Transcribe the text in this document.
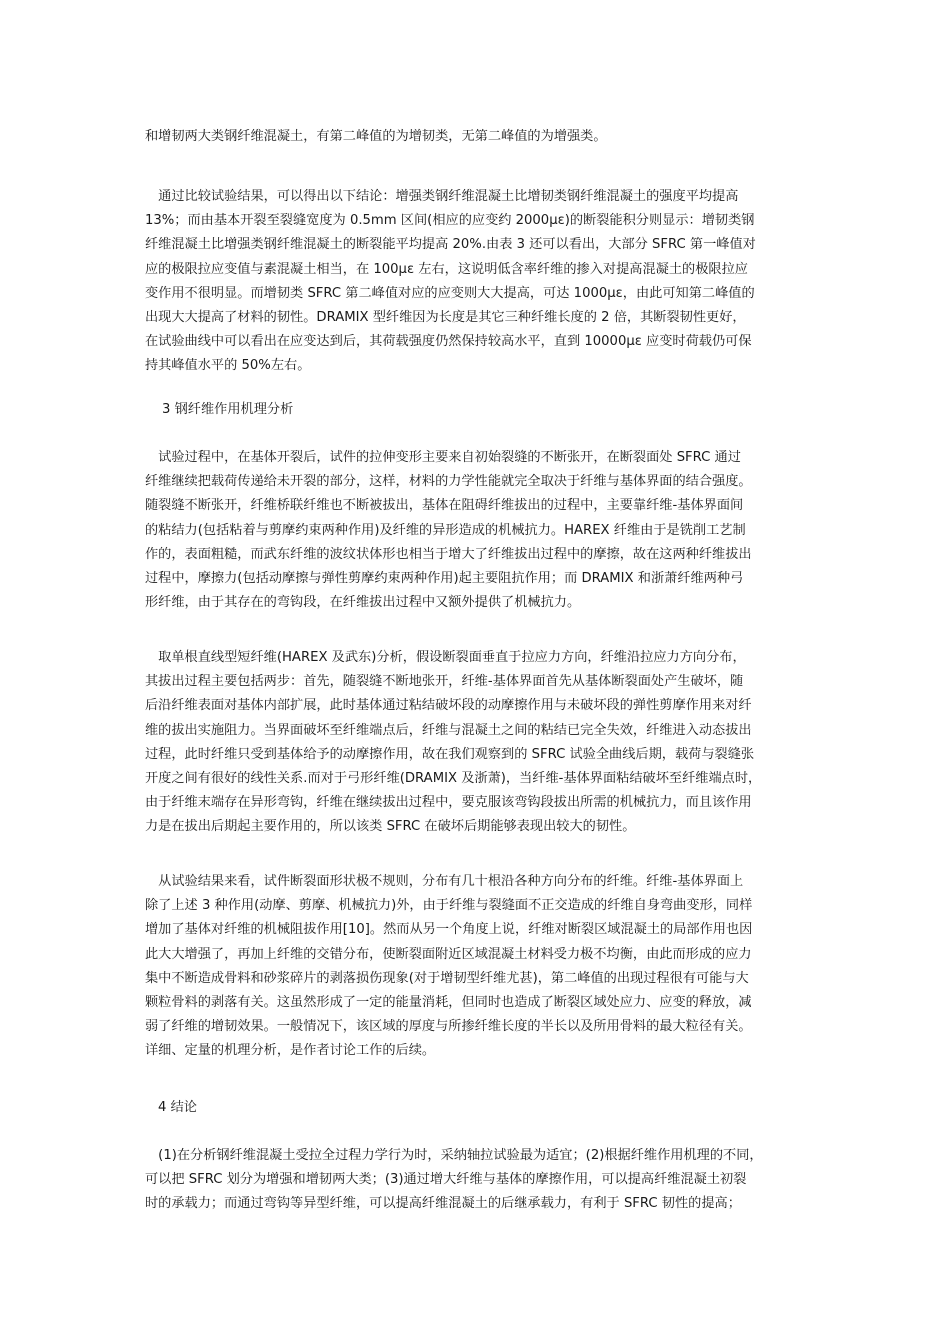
和增韧两大类钢纤维混凝土，有第二峰值的为增韧类，无第二峰值的为增强类。
　通过比较试验结果，可以得出以下结论：增强类钢纤维混凝土比增韧类钢纤维混凝土的强度平均提高
13%；而由基本开裂至裂缝宽度为 0.5mm 区间(相应的应变约 2000με)的断裂能积分则显示：增韧类钢
纤维混凝土比增强类钢纤维混凝土的断裂能平均提高 20%.由表 3 还可以看出，大部分 SFRC 第一峰值对
应的极限拉应变值与素混凝土相当，在 100με 左右，这说明低含率纤维的掺入对提高混凝土的极限拉应
变作用不很明显。而增韧类 SFRC 第二峰值对应的应变则大大提高，可达 1000με，由此可知第二峰值的
出现大大提高了材料的韧性。DRAMIX 型纤维因为长度是其它三种纤维长度的 2 倍，其断裂韧性更好，
在试验曲线中可以看出在应变达到后，其荷载强度仍然保持较高水平，直到 10000με 应变时荷载仍可保
持其峰值水平的 50%左右。
3 钢纤维作用机理分析
　试验过程中，在基体开裂后，试件的拉伸变形主要来自初始裂缝的不断张开，在断裂面处 SFRC 通过
纤维继续把载荷传递给未开裂的部分，这样，材料的力学性能就完全取决于纤维与基体界面的结合强度。
随裂缝不断张开，纤维桥联纤维也不断被拔出，基体在阻碍纤维拔出的过程中，主要靠纤维-基体界面间
的粘结力(包括粘着与剪摩约束两种作用)及纤维的异形造成的机械抗力。HAREX 纤维由于是铣削工艺制
作的，表面粗糙，而武东纤维的波纹状体形也相当于增大了纤维拔出过程中的摩擦，故在这两种纤维拔出
过程中，摩擦力(包括动摩擦与弹性剪摩约束两种作用)起主要阻抗作用；而 DRAMIX 和浙萧纤维两种弓
形纤维，由于其存在的弯钩段，在纤维拔出过程中又额外提供了机械抗力。
　取单根直线型短纤维(HAREX 及武东)分析，假设断裂面垂直于拉应力方向，纤维沿拉应力方向分布，
其拔出过程主要包括两步：首先，随裂缝不断地张开，纤维-基体界面首先从基体断裂面处产生破坏，随
后沿纤维表面对基体内部扩展，此时基体通过粘结破坏段的动摩擦作用与未破坏段的弹性剪摩作用来对纤
维的拔出实施阻力。当界面破坏至纤维端点后，纤维与混凝土之间的粘结已完全失效，纤维进入动态拔出
过程，此时纤维只受到基体给予的动摩擦作用，故在我们观察到的 SFRC 试验全曲线后期，载荷与裂缝张
开度之间有很好的线性关系.而对于弓形纤维(DRAMIX 及浙萧)，当纤维-基体界面粘结破坏至纤维端点时，
由于纤维末端存在异形弯钩，纤维在继续拔出过程中，要克服该弯钩段拔出所需的机械抗力，而且该作用
力是在拔出后期起主要作用的，所以该类 SFRC 在破坏后期能够表现出较大的韧性。
　从试验结果来看，试件断裂面形状极不规则，分布有几十根沿各种方向分布的纤维。纤维-基体界面上
除了上述 3 种作用(动摩、剪摩、机械抗力)外，由于纤维与裂缝面不正交造成的纤维自身弯曲变形，同样
增加了基体对纤维的机械阻拔作用[10]。然而从另一个角度上说，纤维对断裂区域混凝土的局部作用也因
此大大增强了，再加上纤维的交错分布，使断裂面附近区域混凝土材料受力极不均衡，由此而形成的应力
集中不断造成骨料和砂浆碎片的剥落损伤现象(对于增韧型纤维尤甚)，第二峰值的出现过程很有可能与大
颗粒骨料的剥落有关。这虽然形成了一定的能量消耗，但同时也造成了断裂区域处应力、应变的释放，减
弱了纤维的增韧效果。一般情况下，该区域的厚度与所掺纤维长度的半长以及所用骨料的最大粒径有关。
详细、定量的机理分析，是作者讨论工作的后续。
4 结论
　(1)在分析钢纤维混凝土受拉全过程力学行为时，采纳轴拉试验最为适宜；(2)根据纤维作用机理的不同，
可以把 SFRC 划分为增强和增韧两大类；(3)通过增大纤维与基体的摩擦作用，可以提高纤维混凝土初裂
时的承载力；而通过弯钩等异型纤维，可以提高纤维混凝土的后继承载力，有利于 SFRC 韧性的提高；
